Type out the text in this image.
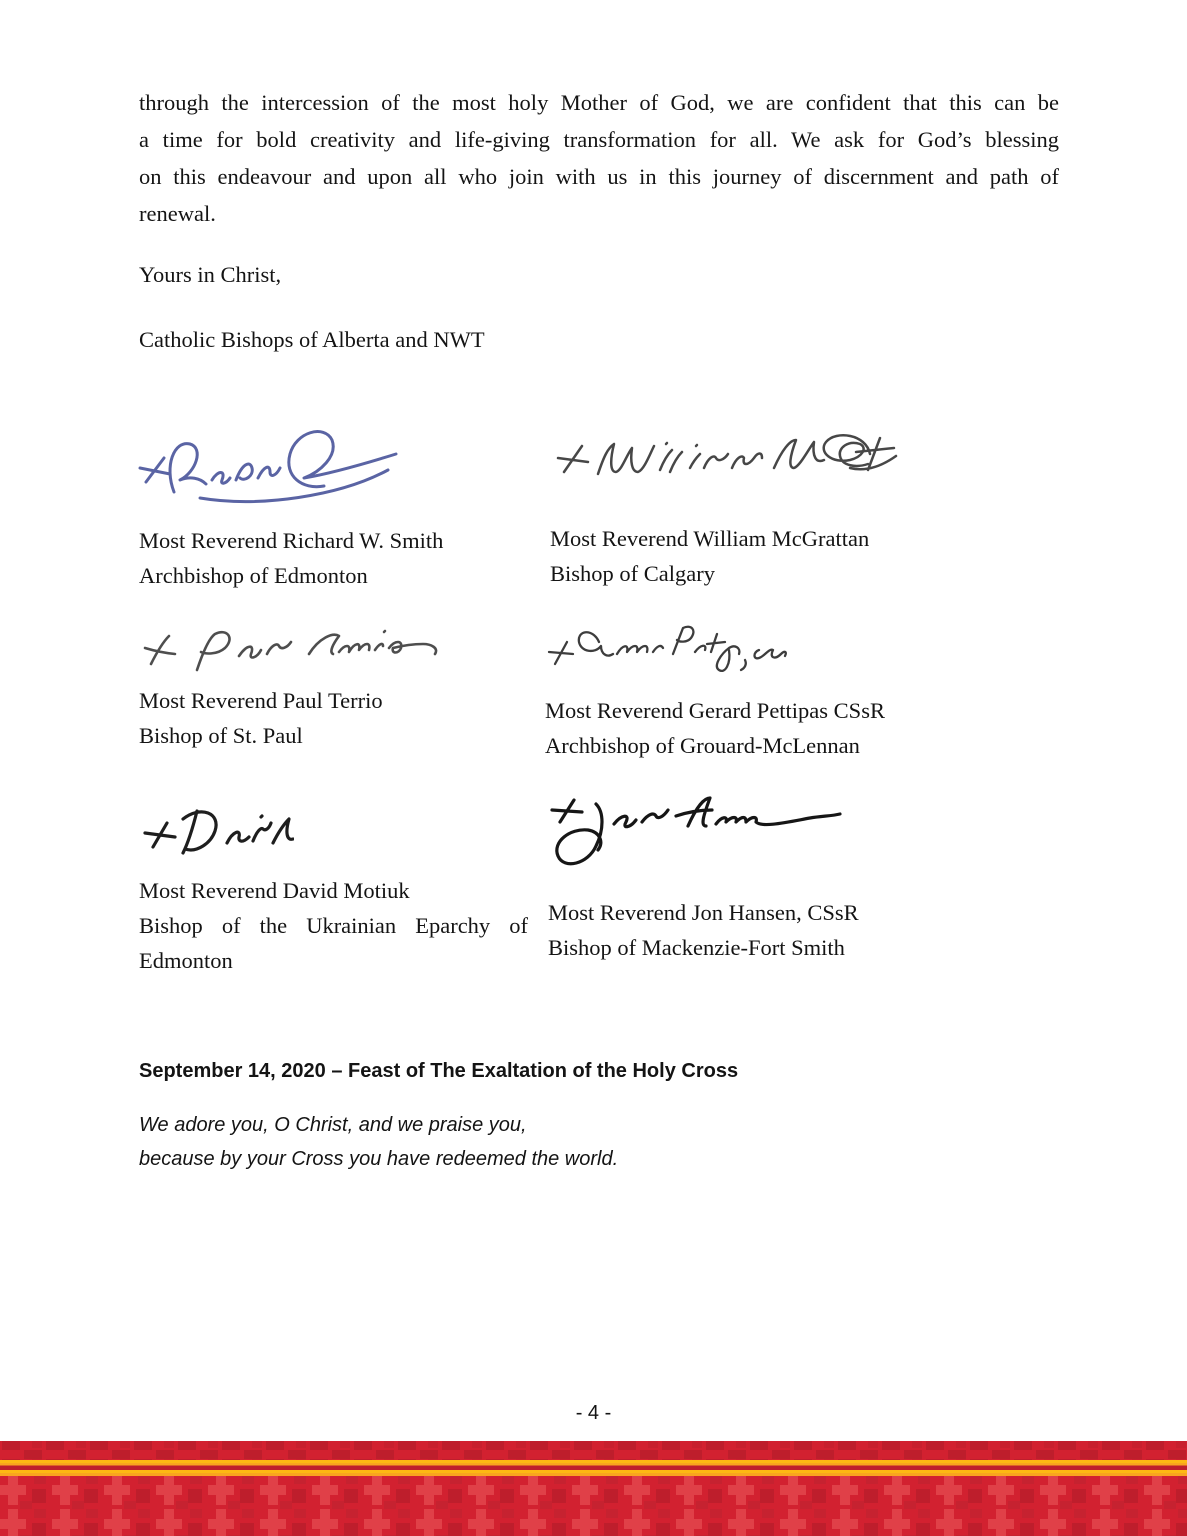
through the intercession of the most holy Mother of God, we are confident that this can be
a time for bold creativity and life-giving transformation for all. We ask for God’s blessing
on this endeavour and upon all who join with us in this journey of discernment and path of
renewal.
Yours in Christ,
Catholic Bishops of Alberta and NWT
Most Reverend Richard W. Smith
Archbishop of Edmonton
Most Reverend William McGrattan
Bishop of Calgary
Most Reverend Paul Terrio
Bishop of St. Paul
Most Reverend Gerard Pettipas CSsR
Archbishop of Grouard-McLennan
Most Reverend David Motiuk
Bishop of the Ukrainian Eparchy of
Edmonton
Most Reverend Jon Hansen, CSsR
Bishop of Mackenzie-Fort Smith
September 14, 2020 – Feast of The Exaltation of the Holy Cross
We adore you, O Christ, and we praise you,
because by your Cross you have redeemed the world.
- 4 -
